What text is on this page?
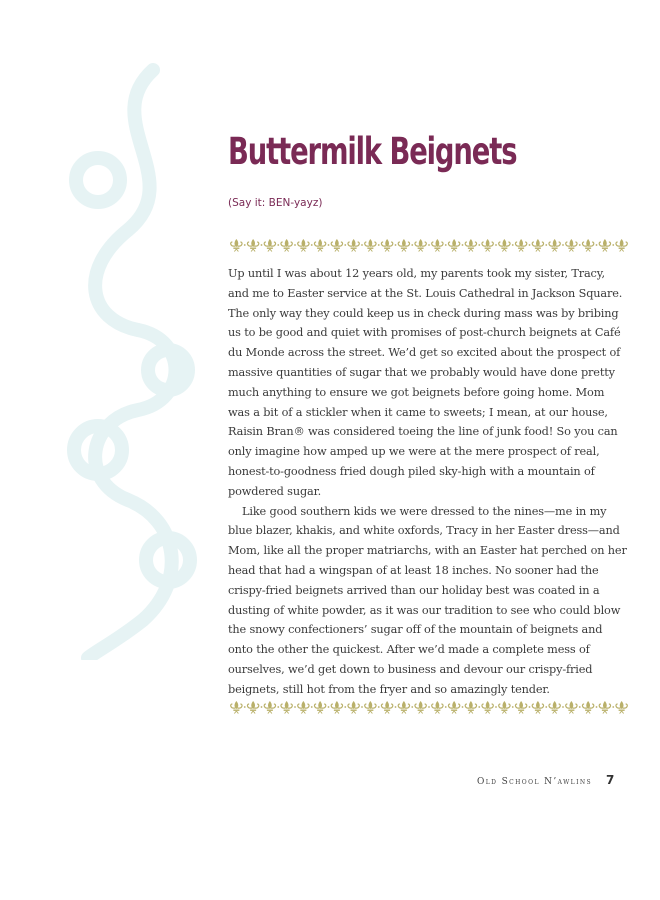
Buttermilk Beignets
(Say it: BEN-yayz)

Up until I was about 12 years old, my parents took my sister, Tracy, and me to Easter service at the St. Louis Cathedral in Jackson Square. The only way they could keep us in check during mass was by bribing us to be good and quiet with promises of post-church beignets at Café du Monde across the street. We’d get so excited about the prospect of massive quantities of sugar that we probably would have done pretty much anything to ensure we got beignets before going home. Mom was a bit of a stickler when it came to sweets; I mean, at our house, Raisin Bran® was considered toeing the line of junk food! So you can only imagine how amped up we were at the mere prospect of real, honest-to-goodness fried dough piled sky-high with a mountain of powdered sugar.

Like good southern kids we were dressed to the nines—me in my blue blazer, khakis, and white oxfords, Tracy in her Easter dress—and Mom, like all the proper matriarchs, with an Easter hat perched on her head that had a wingspan of at least 18 inches. No sooner had the crispy-fried beignets arrived than our holiday best was coated in a dusting of white powder, as it was our tradition to see who could blow the snowy confectioners’ sugar off of the mountain of beignets and onto the other the quickest. After we’d made a complete mess of ourselves, we’d get down to business and devour our crispy-fried beignets, still hot from the fryer and so amazingly tender.

Old School N’awlins 7
